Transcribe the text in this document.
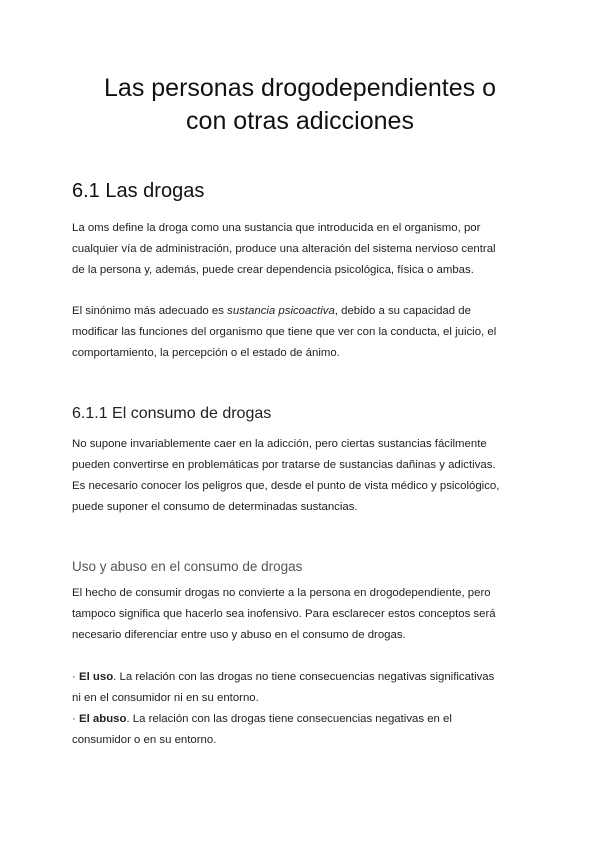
Las personas drogodependientes o
con otras adicciones
6.1 Las drogas

La oms define la droga como una sustancia que introducida en el organismo, por
cualquier vía de administración, produce una alteración del sistema nervioso central
de la persona y, además, puede crear dependencia psicológica, física o ambas.

El sinónimo más adecuado es sustancia psicoactiva, debido a su capacidad de
modificar las funciones del organismo que tiene que ver con la conducta, el juicio, el
comportamiento, la percepción o el estado de ánimo.

6.1.1 El consumo de drogas

No supone invariablemente caer en la adicción, pero ciertas sustancias fácilmente
pueden convertirse en problemáticas por tratarse de sustancias dañinas y adictivas.
Es necesario conocer los peligros que, desde el punto de vista médico y psicológico,
puede suponer el consumo de determinadas sustancias.

Uso y abuso en el consumo de drogas

El hecho de consumir drogas no convierte a la persona en drogodependiente, pero
tampoco significa que hacerlo sea inofensivo. Para esclarecer estos conceptos será
necesario diferenciar entre uso y abuso en el consumo de drogas.

· El uso. La relación con las drogas no tiene consecuencias negativas significativas
ni en el consumidor ni en su entorno.
· El abuso. La relación con las drogas tiene consecuencias negativas en el
consumidor o en su entorno.
